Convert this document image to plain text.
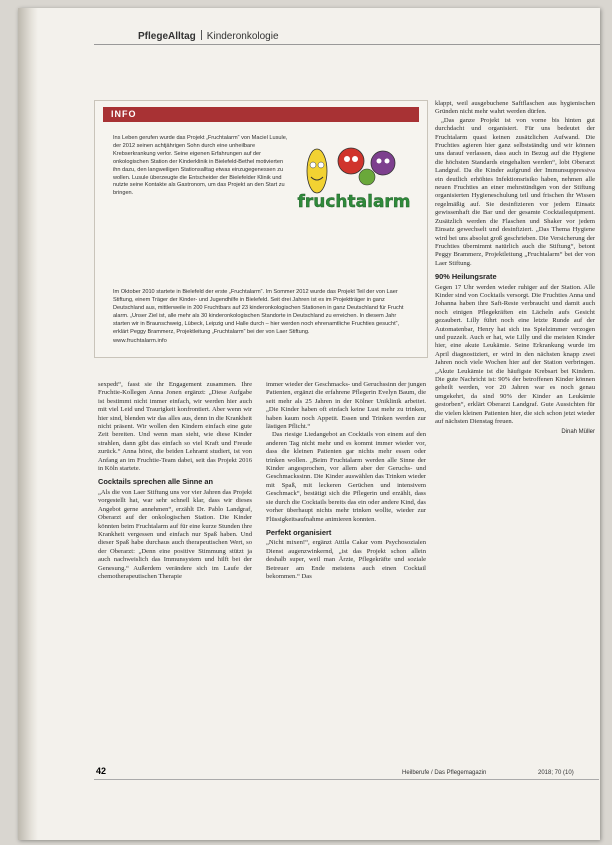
PflegeAlltag Kinderonkologie
INFO
Ins Leben gerufen wurde das Projekt „Fruchtalarm“ von Maciel Lusule, der 2012 seinen achtjährigen Sohn durch eine unheilbare Krebserkrankung verlor. Seine eigenen Erfahrungen auf der onkologischen Station der Kinderklinik in Bielefeld-Bethel motivierten ihn dazu, den langweiligen Stationsalltag etwas einzugegenessen zu wollen. Lusule überzeugte die Entscheider der Bielefelder Klinik und nutzte seine Kontakte als Gastronom, um das Projekt an den Start zu bringen.	fruchtalarm
Im Oktober 2010 startete in Bielefeld der erste „Fruchtalarm“. Im Sommer 2012 wurde das Projekt Teil der von Laer Stiftung, einem Träger der Kinder- und Jugendhilfe in Bielefeld. Seit drei Jahren ist es im Projektträger in ganz Deutschland aus, mittlerweile in 200 Fruchtbars auf 23 kinderonkologischen Stationen in ganz Deutschland für Frucht alarm. „Unser Ziel ist, alle mehr als 30 kinderonkologischen Standorte in Deutschland zu erreichen. In diesem Jahr starten wir in Braunschweig, Lübeck, Leipzig und Halle durch – hier werden noch ehrenamtliche Fruchties gesucht“, erklärt Peggy Brammerz, Projektleitung „Fruchtalarm“ bei der von Laer Stiftung.
www.fruchtalarm.info

sexpedt“, fasst sie ihr Engagement zusammen. Ihre Fruchtie-Kollegen Anna Jonen ergänzt: „Diese Aufgabe ist bestimmt nicht immer einfach, wir werden hier auch mit viel Leid und Traurigkeit konfrontiert. Aber wenn wir hier sind, blenden wir das alles aus, denn in die Krankheit nicht präsent. Wir wollen den Kindern einfach eine gute Zeit bereiten. Und wenn man sieht, wie diese Kinder strahlen, dann gibt das einfach so viel Kraft und Freude zurück.“ Anna hörst, die beiden Lehramt studiert, ist von Anfang an im Fruchtie-Team dabei, seit das Projekt 2016 in Köln startete.

Cocktails sprechen alle Sinne an

„Als die von Laer Stiftung uns vor vier Jahren das Projekt vorgestellt hat, war sehr schnell klar, dass wir dieses Angebot gerne annehmen“, erzählt Dr. Pablo Landgraf, Oberarzt auf der onkologischen Station. Die Kinder könnten beim Fruchtalarm auf für eine kurze Stunden ihre Krankheit vergessen und einfach nur Spaß haben. Und dieser Spaß habe durchaus auch therapeutischen Wert, so der Oberarzt: „Denn eine positive Stimmung stützt ja auch nachweislich das Immunsystem und hilft bei der Genesung.“ Außerdem verändere sich im Laufe der chemotherapeutischen Therapie

immer wieder der Geschmacks- und Geruchssinn der jungen Patienten, ergänzt die erfahrene Pflegerin Evelyn Baum, die seit mehr als 25 Jahren in der Kölner Uniklinik arbeitet. „Die Kinder haben oft einfach keine Lust mehr zu trinken, haben kaum noch Appetit. Essen und Trinken werden zur lästigen Pflicht.“

Das riesige Liedangebot an Cocktails von einem auf den anderen Tag nicht mehr und es kommt immer wieder vor, dass die kleinen Patienten gar nichts mehr essen oder trinken wollen. „Beim Fruchtalarm werden alle Sinne der Kinder angesprochen, vor allem aber der Geruchs- und Geschmackssinn. Die Kinder auswählen das Trinken wieder mit Spaß, mit leckeren Gerüchen und intensivem Geschmack“, bestätigt sich die Pflegerin und erzählt, dass sie durch die Cocktails bereits das ein oder andere Kind, das vorher überhaupt nichts mehr trinken wollte, wieder zur Flüssigkeitsaufnahme animieren konnten.

Perfekt organisiert

„Nicht mixen!“, ergänzt Attila Cakar vom Psychosozialen Dienst augenzwinkernd, „ist das Projekt schon allein deshalb super, weil man Ärzte, Pflegekräfte und soziale Betreuer am Ende meistens auch einen Cocktail bekommen.“ Das

klappt, weil ausgebuchene Saftflaschen aus hygienischen Gründen nicht mehr wahrt werden dürfen.

„Das ganze Projekt ist von vorne bis hinten gut durchdacht und organisiert. Für uns bedeutet der Fruchtalarm quasi keinen zusätzlichen Aufwand. Die Fruchties agieren hier ganz selbstständig und wir können uns darauf verlassen, dass auch in Bezug auf die Hygiene die höchsten Standards eingehalten werden“, lobt Oberarzt Landgraf. Da die Kinder aufgrund der Immunsuppressiva ein deutlich erhöhtes Infektionsrisiko haben, nehmen alle neuen Fruchties an einer mehrstündigen von der Stiftung organisierten Hygieneschulung teil und frischen ihr Wissen regelmäßig auf. Sie desinfizieren vor jedem Einsatz gewissenhaft die Bar und der gesamte Cocktailequipment. Zusätzlich werden die Flaschen und Shaker vor jedem Einsatz gewechselt und desinfiziert. „Das Thema Hygiene wird bei uns absolut groß geschrieben. Die Versicherung der Fruchties übernimmt natürlich auch die Stiftung“, betont Peggy Brammerz, Projektleitung „Fruchtalarm“ bei der von Laer Stiftung.

90% Heilungsrate

Gegen 17 Uhr werden wieder ruhiger auf der Station. Alle Kinder sind von Cocktails versorgt. Die Fruchties Anna und Johanna haben ihre Saft-Reste verbraucht und damit auch noch einigen Pflegekräften ein Lächeln aufs Gesicht gezaubert. Lilly führt noch eine letzte Runde auf der Automatenbar, Henry hat sich ins Spielzimmer verzogen und puzzelt. Auch er hat, wie Lilly und die meisten Kinder hier, eine akute Leukämie. Seine Erkrankung wurde im April diagnostiziert, er wird in den nächsten knapp zwei Jahren noch viele Wochen hier auf der Station verbringen. „Akute Leukämie ist die häufigste Krebsart bei Kindern. Die gute Nachricht ist: 90% der betroffenen Kinder können geheilt werden, vor 20 Jahren war es noch genau umgekehrt, da sind 90% der Kinder an Leukämie gestorben“, erklärt Oberarzt Landgraf. Gute Aussichten für die vielen kleinen Patienten hier, die sich schon jetzt wieder auf nächsten Dienstag freuen.

Dinah Müller
42	Heilberufe / Das Pflegemagazin	2018; 70 (10)
